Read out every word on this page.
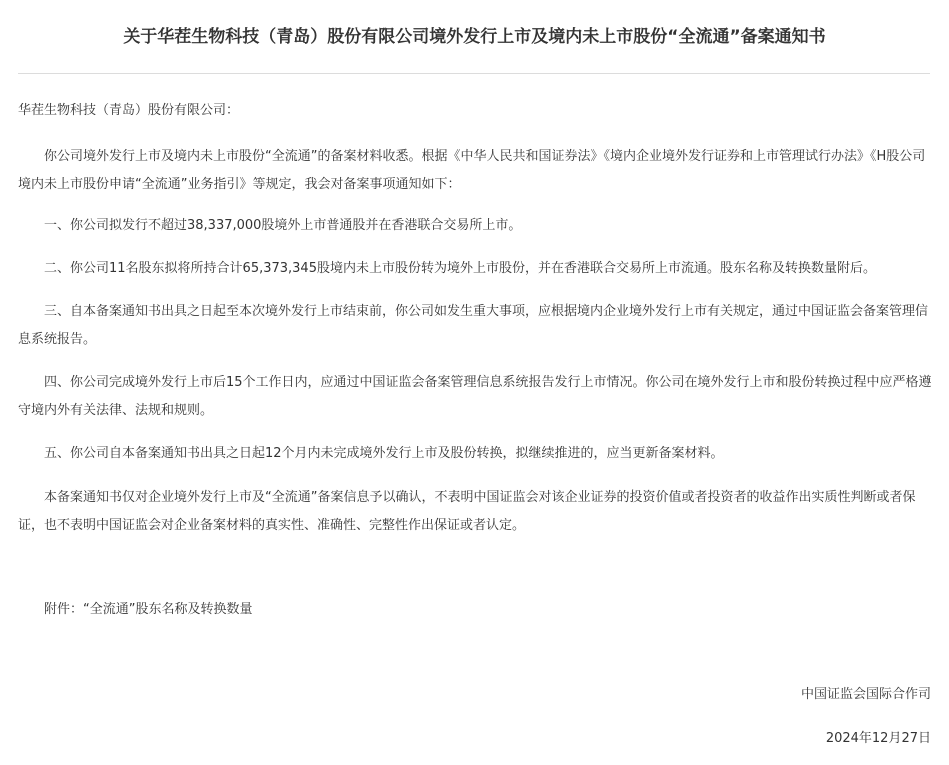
关于华茬生物科技（青岛）股份有限公司境外发行上市及境内未上市股份“全流通”备案通知书

华茬生物科技（青岛）股份有限公司：

你公司境外发行上市及境内未上市股份“全流通”的备案材料收悉。根据《中华人民共和国证券法》《境内企业境外发行证券和上市管理试行办法》《H股公司境内未上市股份申请“全流通”业务指引》等规定，我会对备案事项通知如下：

一、你公司拟发行不超过38,337,000股境外上市普通股并在香港联合交易所上市。

二、你公司11名股东拟将所持合计65,373,345股境内未上市股份转为境外上市股份，并在香港联合交易所上市流通。股东名称及转换数量附后。

三、自本备案通知书出具之日起至本次境外发行上市结束前，你公司如发生重大事项，应根据境内企业境外发行上市有关规定，通过中国证监会备案管理信息系统报告。

四、你公司完成境外发行上市后15个工作日内，应通过中国证监会备案管理信息系统报告发行上市情况。你公司在境外发行上市和股份转换过程中应严格遵守境内外有关法律、法规和规则。

五、你公司自本备案通知书出具之日起12个月内未完成境外发行上市及股份转换，拟继续推进的，应当更新备案材料。

本备案通知书仅对企业境外发行上市及“全流通”备案信息予以确认，不表明中国证监会对该企业证券的投资价值或者投资者的收益作出实质性判断或者保证，也不表明中国证监会对企业备案材料的真实性、准确性、完整性作出保证或者认定。

附件：“全流通”股东名称及转换数量

中国证监会国际合作司

2024年12月27日
